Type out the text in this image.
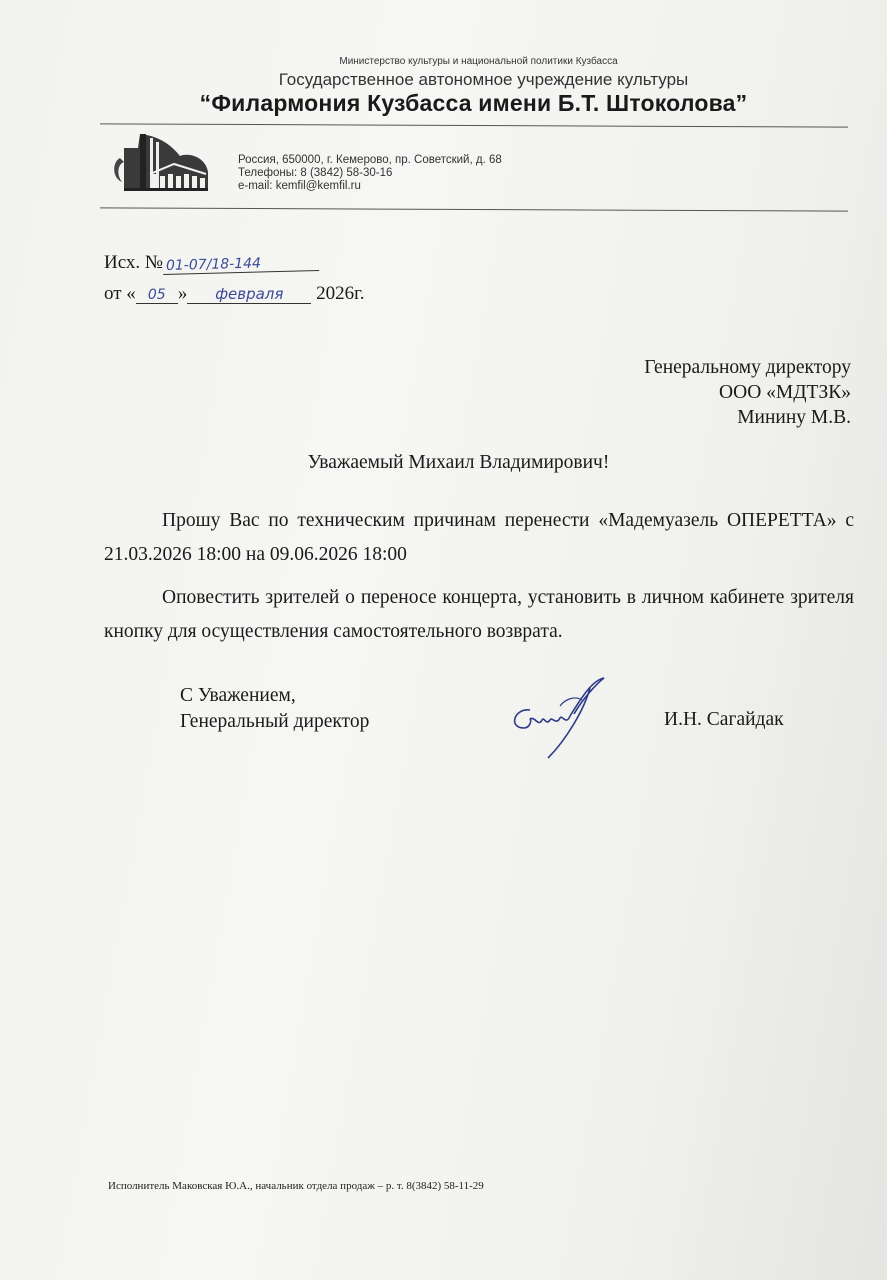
Министерство культуры и национальной политики Кузбасса
Государственное автономное учреждение культуры
“Филармония Кузбасса имени Б.Т. Штоколова”
Россия, 650000, г. Кемерово, пр. Советский, д. 68
Телефоны: 8 (3842) 58-30-16
e-mail: kemfil@kemfil.ru
Исх. № 01-07/18-144
от « 05 » февраля 2026г.
Генеральному директору
ООО «МДТЗК»
Минину М.В.
Уважаемый Михаил Владимирович!
Прошу Вас по техническим причинам перенести «Мадемуазель ОПЕРЕТТА» с 21.03.2026 18:00 на 09.06.2026 18:00
Оповестить зрителей о переносе концерта, установить в личном кабинете зрителя кнопку для осуществления самостоятельного возврата.
С Уважением,
Генеральный директор	И.Н. Сагайдак
Исполнитель Маковская Ю.А., начальник отдела продаж – р. т. 8(3842) 58-11-29
